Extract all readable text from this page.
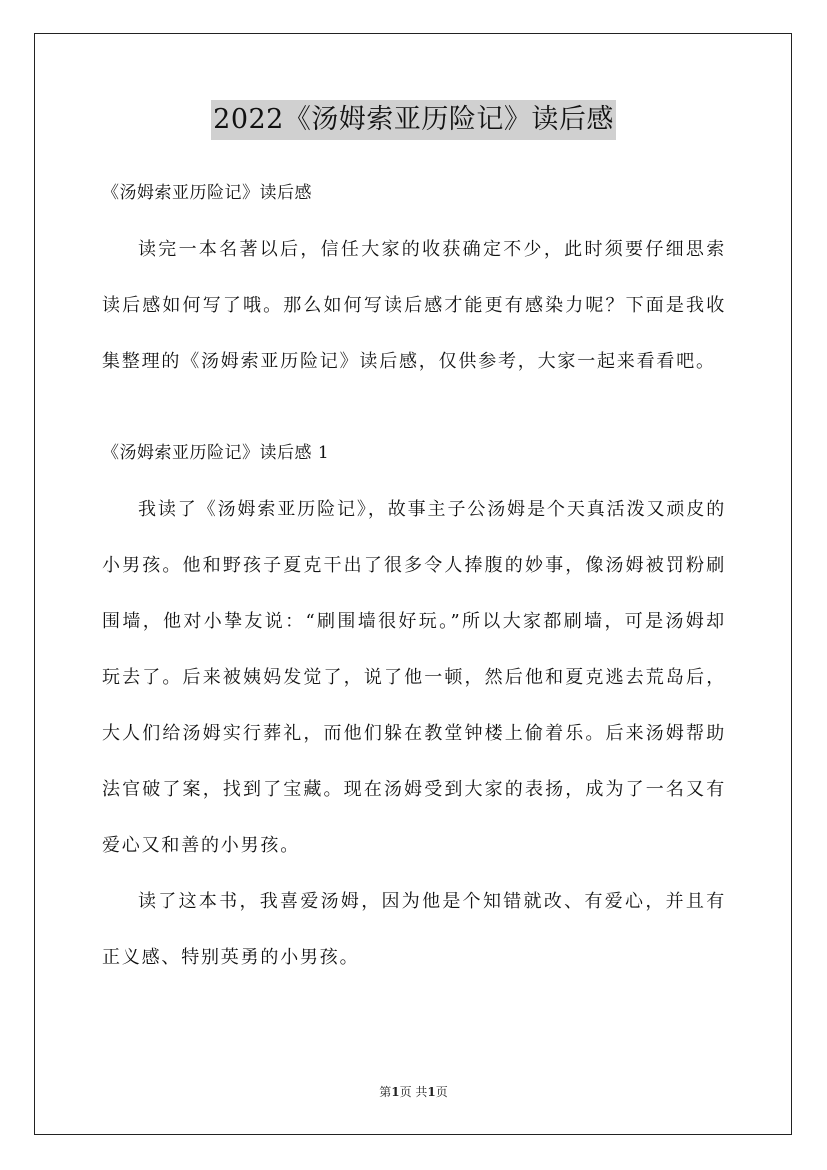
2022《汤姆索亚历险记》读后感

《汤姆索亚历险记》读后感

读完一本名著以后，信任大家的收获确定不少，此时须要仔细思索读后感如何写了哦。那么如何写读后感才能更有感染力呢？下面是我收集整理的《汤姆索亚历险记》读后感，仅供参考，大家一起来看看吧。

《汤姆索亚历险记》读后感 1

我读了《汤姆索亚历险记》，故事主子公汤姆是个天真活泼又顽皮的小男孩。他和野孩子夏克干出了很多令人捧腹的妙事，像汤姆被罚粉刷围墙，他对小挚友说：“刷围墙很好玩。”所以大家都刷墙，可是汤姆却玩去了。后来被姨妈发觉了，说了他一顿，然后他和夏克逃去荒岛后，大人们给汤姆实行葬礼，而他们躲在教堂钟楼上偷着乐。后来汤姆帮助法官破了案，找到了宝藏。现在汤姆受到大家的表扬，成为了一名又有爱心又和善的小男孩。

读了这本书，我喜爱汤姆，因为他是个知错就改、有爱心，并且有正义感、特别英勇的小男孩。

第1页 共1页
